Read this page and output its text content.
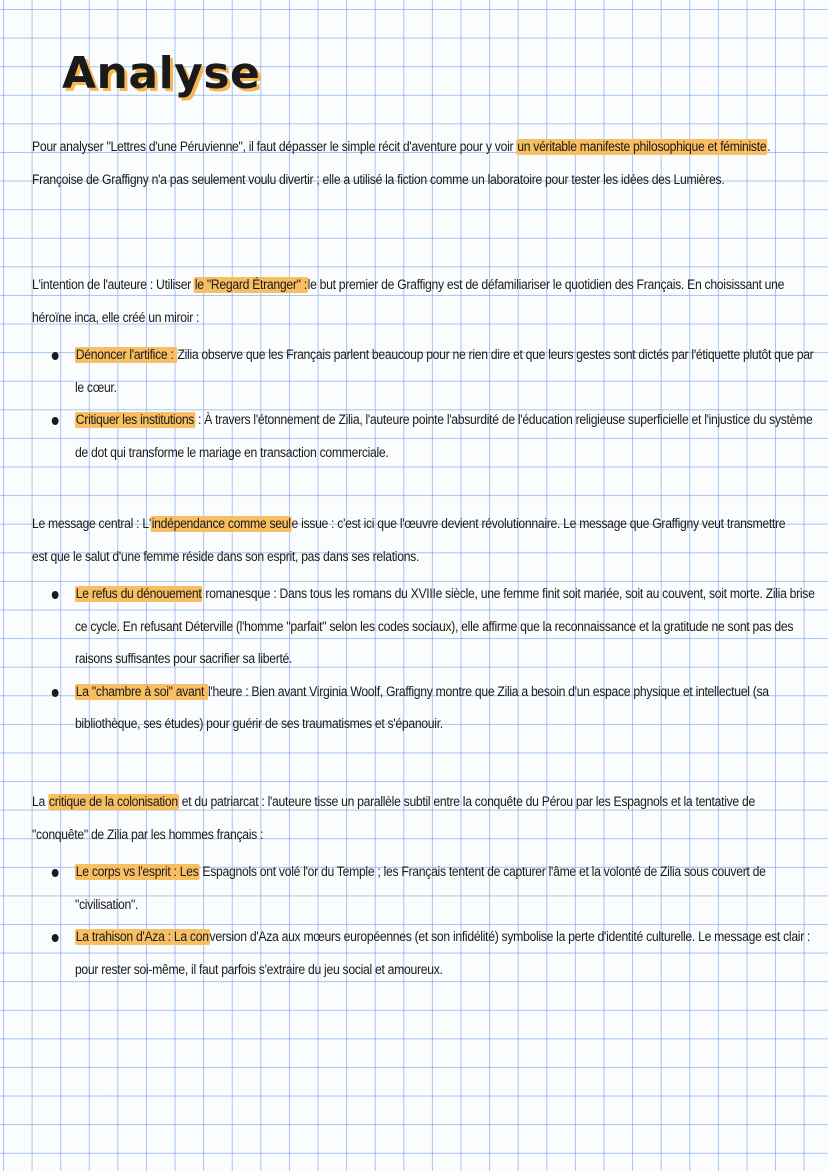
Analyse

Pour analyser "Lettres d'une Péruvienne", il faut dépasser le simple récit d'aventure pour y voir un véritable manifeste philosophique et féministe. Françoise de Graffigny n'a pas seulement voulu divertir ; elle a utilisé la fiction comme un laboratoire pour tester les idées des Lumières.

L'intention de l'auteure : Utiliser le "Regard Étranger" :le but premier de Graffigny est de défamiliariser le quotidien des Français. En choisissant une héroïne inca, elle créé un miroir :

Dénoncer l'artifice : Zilia observe que les Français parlent beaucoup pour ne rien dire et que leurs gestes sont dictés par l'étiquette plutôt que par le cœur.
Critiquer les institutions : À travers l'étonnement de Zilia, l'auteure pointe l'absurdité de l'éducation religieuse superficielle et l'injustice du système de dot qui transforme le mariage en transaction commerciale.

Le message central : L'indépendance comme seule issue : c'est ici que l'œuvre devient révolutionnaire. Le message que Graffigny veut transmettre est que le salut d'une femme réside dans son esprit, pas dans ses relations.

Le refus du dénouement romanesque : Dans tous les romans du XVIIIe siècle, une femme finit soit mariée, soit au couvent, soit morte. Zilia brise ce cycle. En refusant Déterville (l'homme "parfait" selon les codes sociaux), elle affirme que la reconnaissance et la gratitude ne sont pas des raisons suffisantes pour sacrifier sa liberté.
La "chambre à soi" avant l'heure : Bien avant Virginia Woolf, Graffigny montre que Zilia a besoin d'un espace physique et intellectuel (sa bibliothèque, ses études) pour guérir de ses traumatismes et s'épanouir.

La critique de la colonisation et du patriarcat : l'auteure tisse un parallèle subtil entre la conquête du Pérou par les Espagnols et la tentative de "conquête" de Zilia par les hommes français :

Le corps vs l'esprit : Les Espagnols ont volé l'or du Temple ; les Français tentent de capturer l'âme et la volonté de Zilia sous couvert de "civilisation".
La trahison d'Aza : La conversion d'Aza aux mœurs européennes (et son infidélité) symbolise la perte d'identité culturelle. Le message est clair : pour rester soi-même, il faut parfois s'extraire du jeu social et amoureux.
